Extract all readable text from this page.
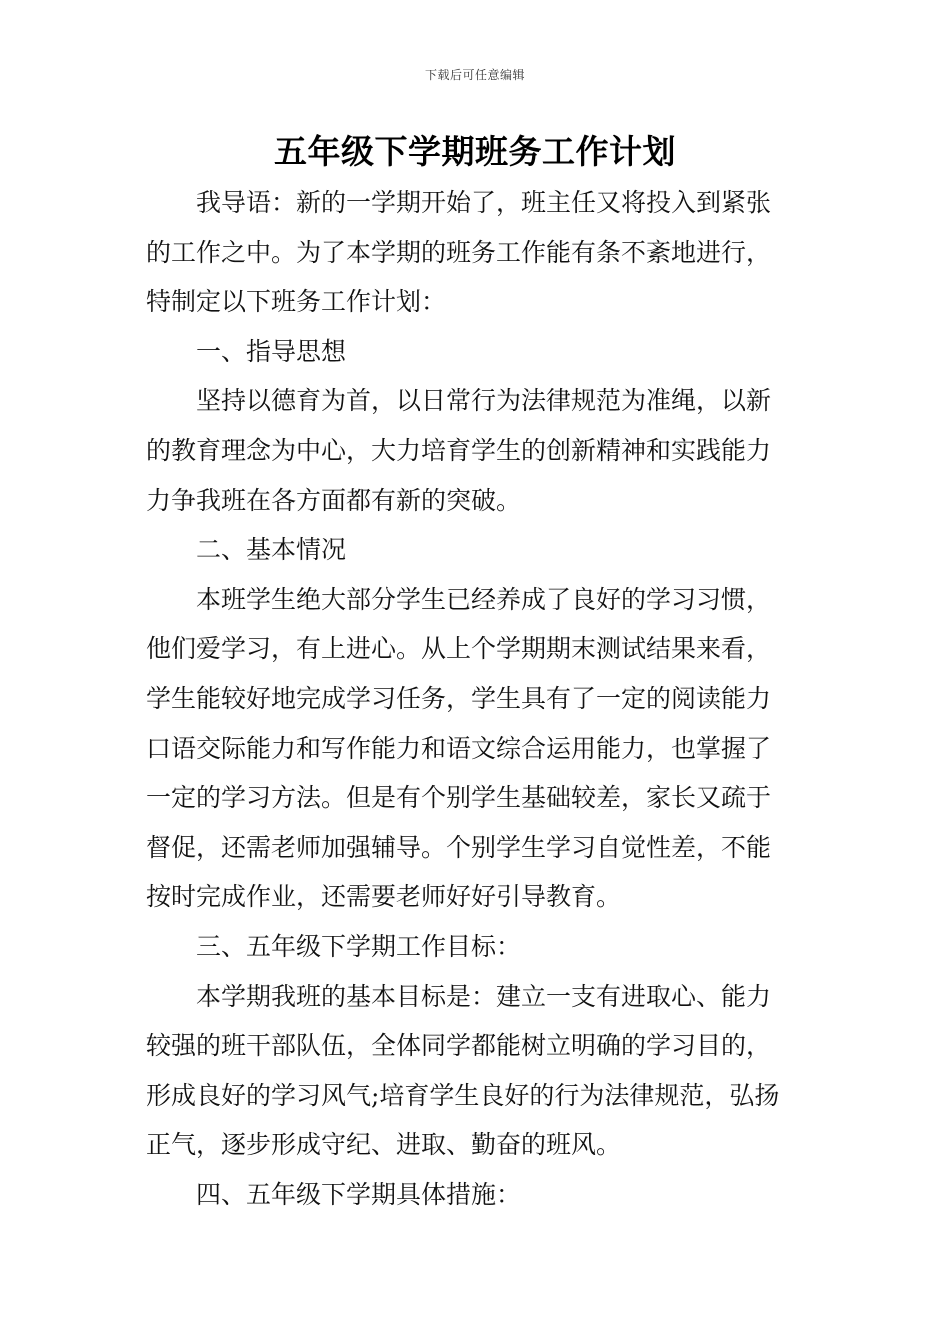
下载后可任意编辑
五年级下学期班务工作计划
我导语：新的一学期开始了，班主任又将投入到紧张
的工作之中。为了本学期的班务工作能有条不紊地进行，
特制定以下班务工作计划：
一、指导思想
坚持以德育为首，以日常行为法律规范为准绳，以新
的教育理念为中心，大力培育学生的创新精神和实践能力
力争我班在各方面都有新的突破。
二、基本情况
本班学生绝大部分学生已经养成了良好的学习习惯，
他们爱学习，有上进心。从上个学期期末测试结果来看，
学生能较好地完成学习任务，学生具有了一定的阅读能力
口语交际能力和写作能力和语文综合运用能力，也掌握了
一定的学习方法。但是有个别学生基础较差，家长又疏于
督促，还需老师加强辅导。个别学生学习自觉性差，不能
按时完成作业，还需要老师好好引导教育。
三、五年级下学期工作目标：
本学期我班的基本目标是：建立一支有进取心、能力
较强的班干部队伍，全体同学都能树立明确的学习目的，
形成良好的学习风气;培育学生良好的行为法律规范，弘扬
正气，逐步形成守纪、进取、勤奋的班风。
四、五年级下学期具体措施：
